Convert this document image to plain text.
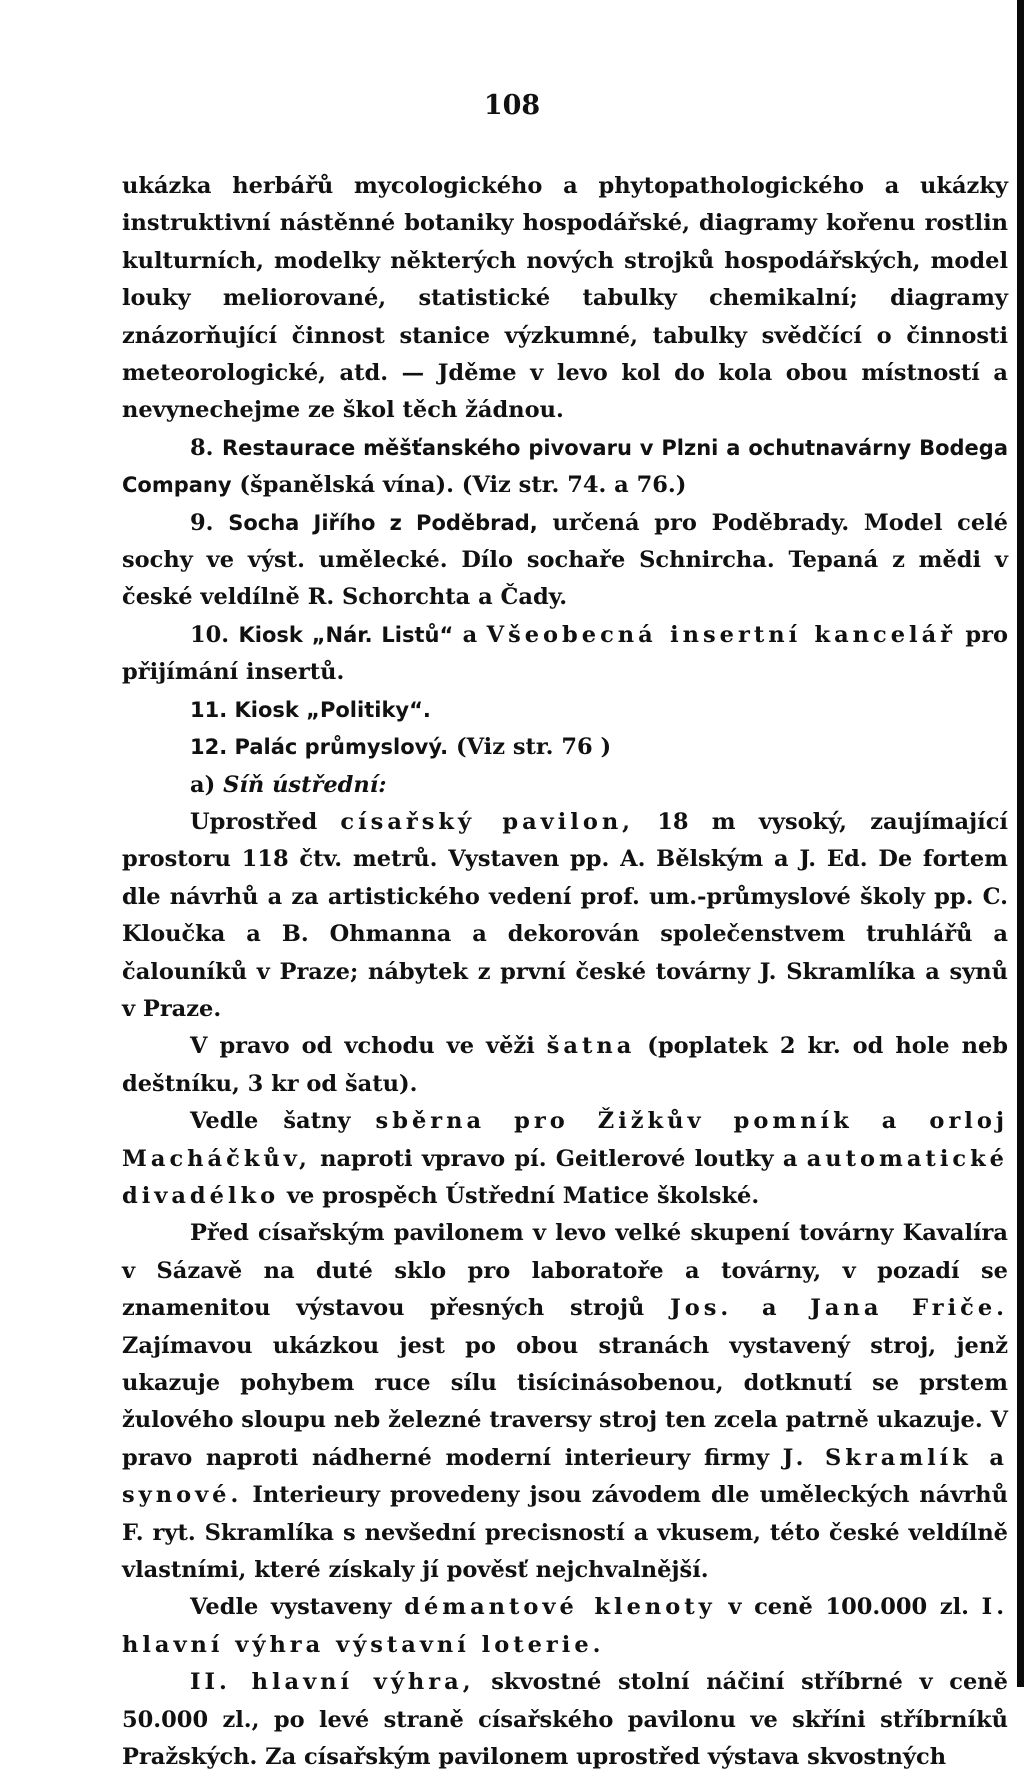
108

ukázka herbářů mycologického a phytopathologického a ukázky instruktivní nástěnné botaniky hospodářské, diagramy kořenu rostlin kulturních, modelky některých nových strojků hospodářských, model louky meliorované, statistické tabulky chemikalní; diagramy znázorňující činnost stanice výzkumné, tabulky svědčící o činnosti meteorologické, atd. — Jděme v levo kol do kola obou místností a nevynechejme ze škol těch žádnou.

8. Restaurace měšťanského pivovaru v Plzni a ochutnavárny Bodega Company (španělská vína). (Viz str. 74. a 76.)

9. Socha Jiřího z Poděbrad, určená pro Poděbrady. Model celé sochy ve výst. umělecké. Dílo sochaře Schnircha. Tepaná z mědi v české veldílně R. Schorchta a Čady.

10. Kiosk „Nár. Listů“ a Všeobecná insertní kancelář pro přijímání insertů.

11. Kiosk „Politiky“.

12. Palác průmyslový. (Viz str. 76 )

a) Síň ústřední:

Uprostřed císařský pavilon, 18 m vysoký, zaujímající prostoru 118 čtv. metrů. Vystaven pp. A. Bělským a J. Ed. De fortem dle návrhů a za artistického vedení prof. um.-průmyslové školy pp. C. Kloučka a B. Ohmanna a dekorován společenstvem truhlářů a čalouníků v Praze; nábytek z první české továrny J. Skramlíka a synů v Praze.

V pravo od vchodu ve věži šatna (poplatek 2 kr. od hole neb deštníku, 3 kr od šatu).

Vedle šatny sběrna pro Žižkův pomník a orloj Macháčkův, naproti vpravo pí. Geitlerové loutky a automatické divadélko ve prospěch Ústřední Matice školské.

Před císařským pavilonem v levo velké skupení továrny Kavalíra v Sázavě na duté sklo pro laboratoře a továrny, v pozadí se znamenitou výstavou přesných strojů Jos. a Jana Friče. Zajímavou ukázkou jest po obou stranách vystavený stroj, jenž ukazuje pohybem ruce sílu tisícinásobenou, dotknutí se prstem žulového sloupu neb železné traversy stroj ten zcela patrně ukazuje. V pravo naproti nádherné moderní interieury firmy J. Skramlík a synové. Interieury provedeny jsou závodem dle uměleckých návrhů F. ryt. Skramlíka s nevšední precisností a vkusem, této české veldílně vlastními, které získaly jí pověsť nejchvalnější.

Vedle vystaveny démantové klenoty v ceně 100.000 zl. I. hlavní výhra výstavní loterie.

II. hlavní výhra, skvostné stolní náčiní stříbrné v ceně 50.000 zl., po levé straně císařského pavilonu ve skříni stříbrníků Pražských. Za císařským pavilonem uprostřed výstava skvostných
